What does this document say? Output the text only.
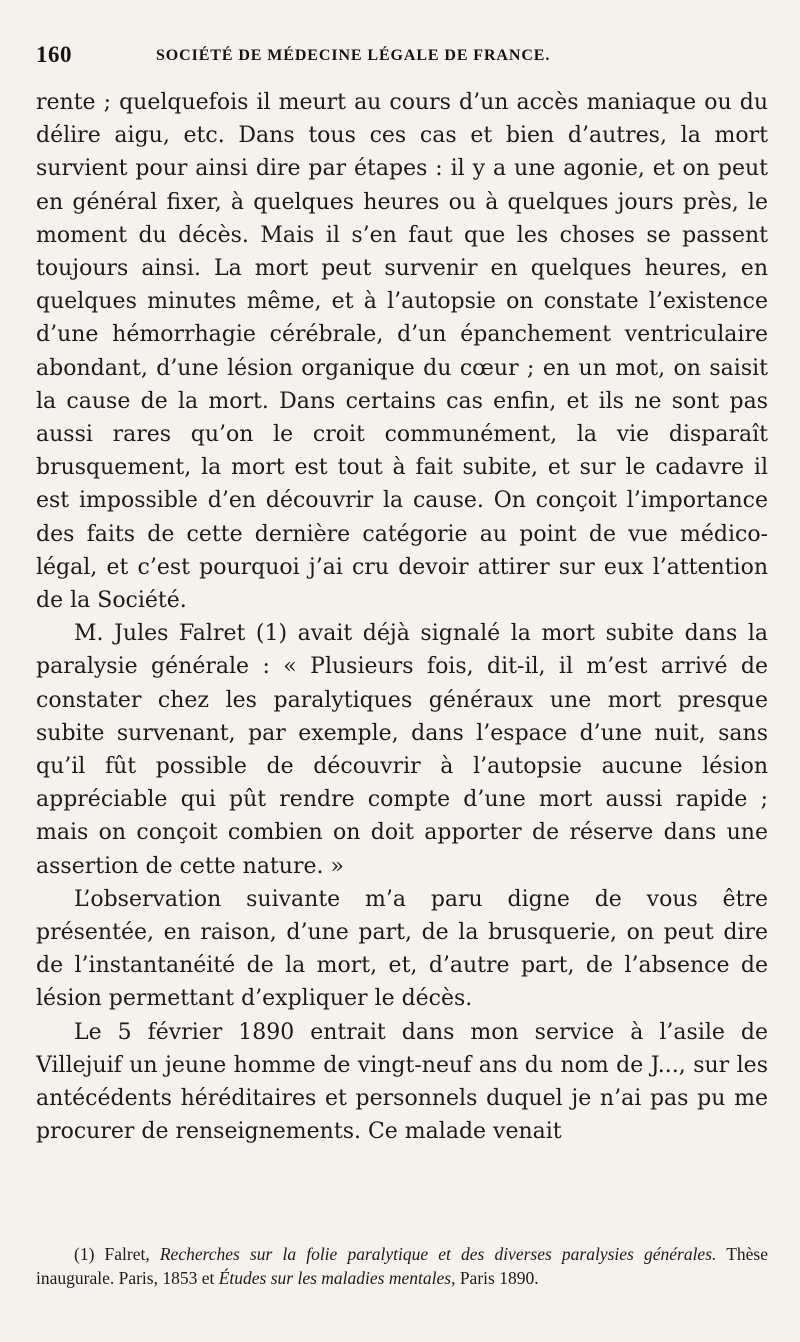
160	SOCIÉTÉ DE MÉDECINE LÉGALE DE FRANCE.

rente ; quelquefois il meurt au cours d’un accès maniaque ou du délire aigu, etc. Dans tous ces cas et bien d’autres, la mort survient pour ainsi dire par étapes : il y a une agonie, et on peut en général fixer, à quelques heures ou à quelques jours près, le moment du décès. Mais il s’en faut que les choses se passent toujours ainsi. La mort peut survenir en quelques heures, en quelques minutes même, et à l’autopsie on constate l’existence d’une hémorrhagie cérébrale, d’un épanchement ventriculaire abondant, d’une lésion organique du cœur ; en un mot, on saisit la cause de la mort. Dans certains cas enfin, et ils ne sont pas aussi rares qu’on le croit communément, la vie disparaît brusquement, la mort est tout à fait subite, et sur le cadavre il est impossible d’en découvrir la cause. On conçoit l’importance des faits de cette dernière catégorie au point de vue médico-légal, et c’est pourquoi j’ai cru devoir attirer sur eux l’attention de la Société.

M. Jules Falret (1) avait déjà signalé la mort subite dans la paralysie générale : « Plusieurs fois, dit-il, il m’est arrivé de constater chez les paralytiques généraux une mort presque subite survenant, par exemple, dans l’espace d’une nuit, sans qu’il fût possible de découvrir à l’autopsie aucune lésion appréciable qui pût rendre compte d’une mort aussi rapide ; mais on conçoit combien on doit apporter de réserve dans une assertion de cette nature. »

L’observation suivante m’a paru digne de vous être présentée, en raison, d’une part, de la brusquerie, on peut dire de l’instantanéité de la mort, et, d’autre part, de l’absence de lésion permettant d’expliquer le décès.

Le 5 février 1890 entrait dans mon service à l’asile de Villejuif un jeune homme de vingt-neuf ans du nom de J..., sur les antécédents héréditaires et personnels duquel je n’ai pas pu me procurer de renseignements. Ce malade venait

(1) Falret, Recherches sur la folie paralytique et des diverses paralysies générales. Thèse inaugurale. Paris, 1853 et Études sur les maladies mentales, Paris 1890.
